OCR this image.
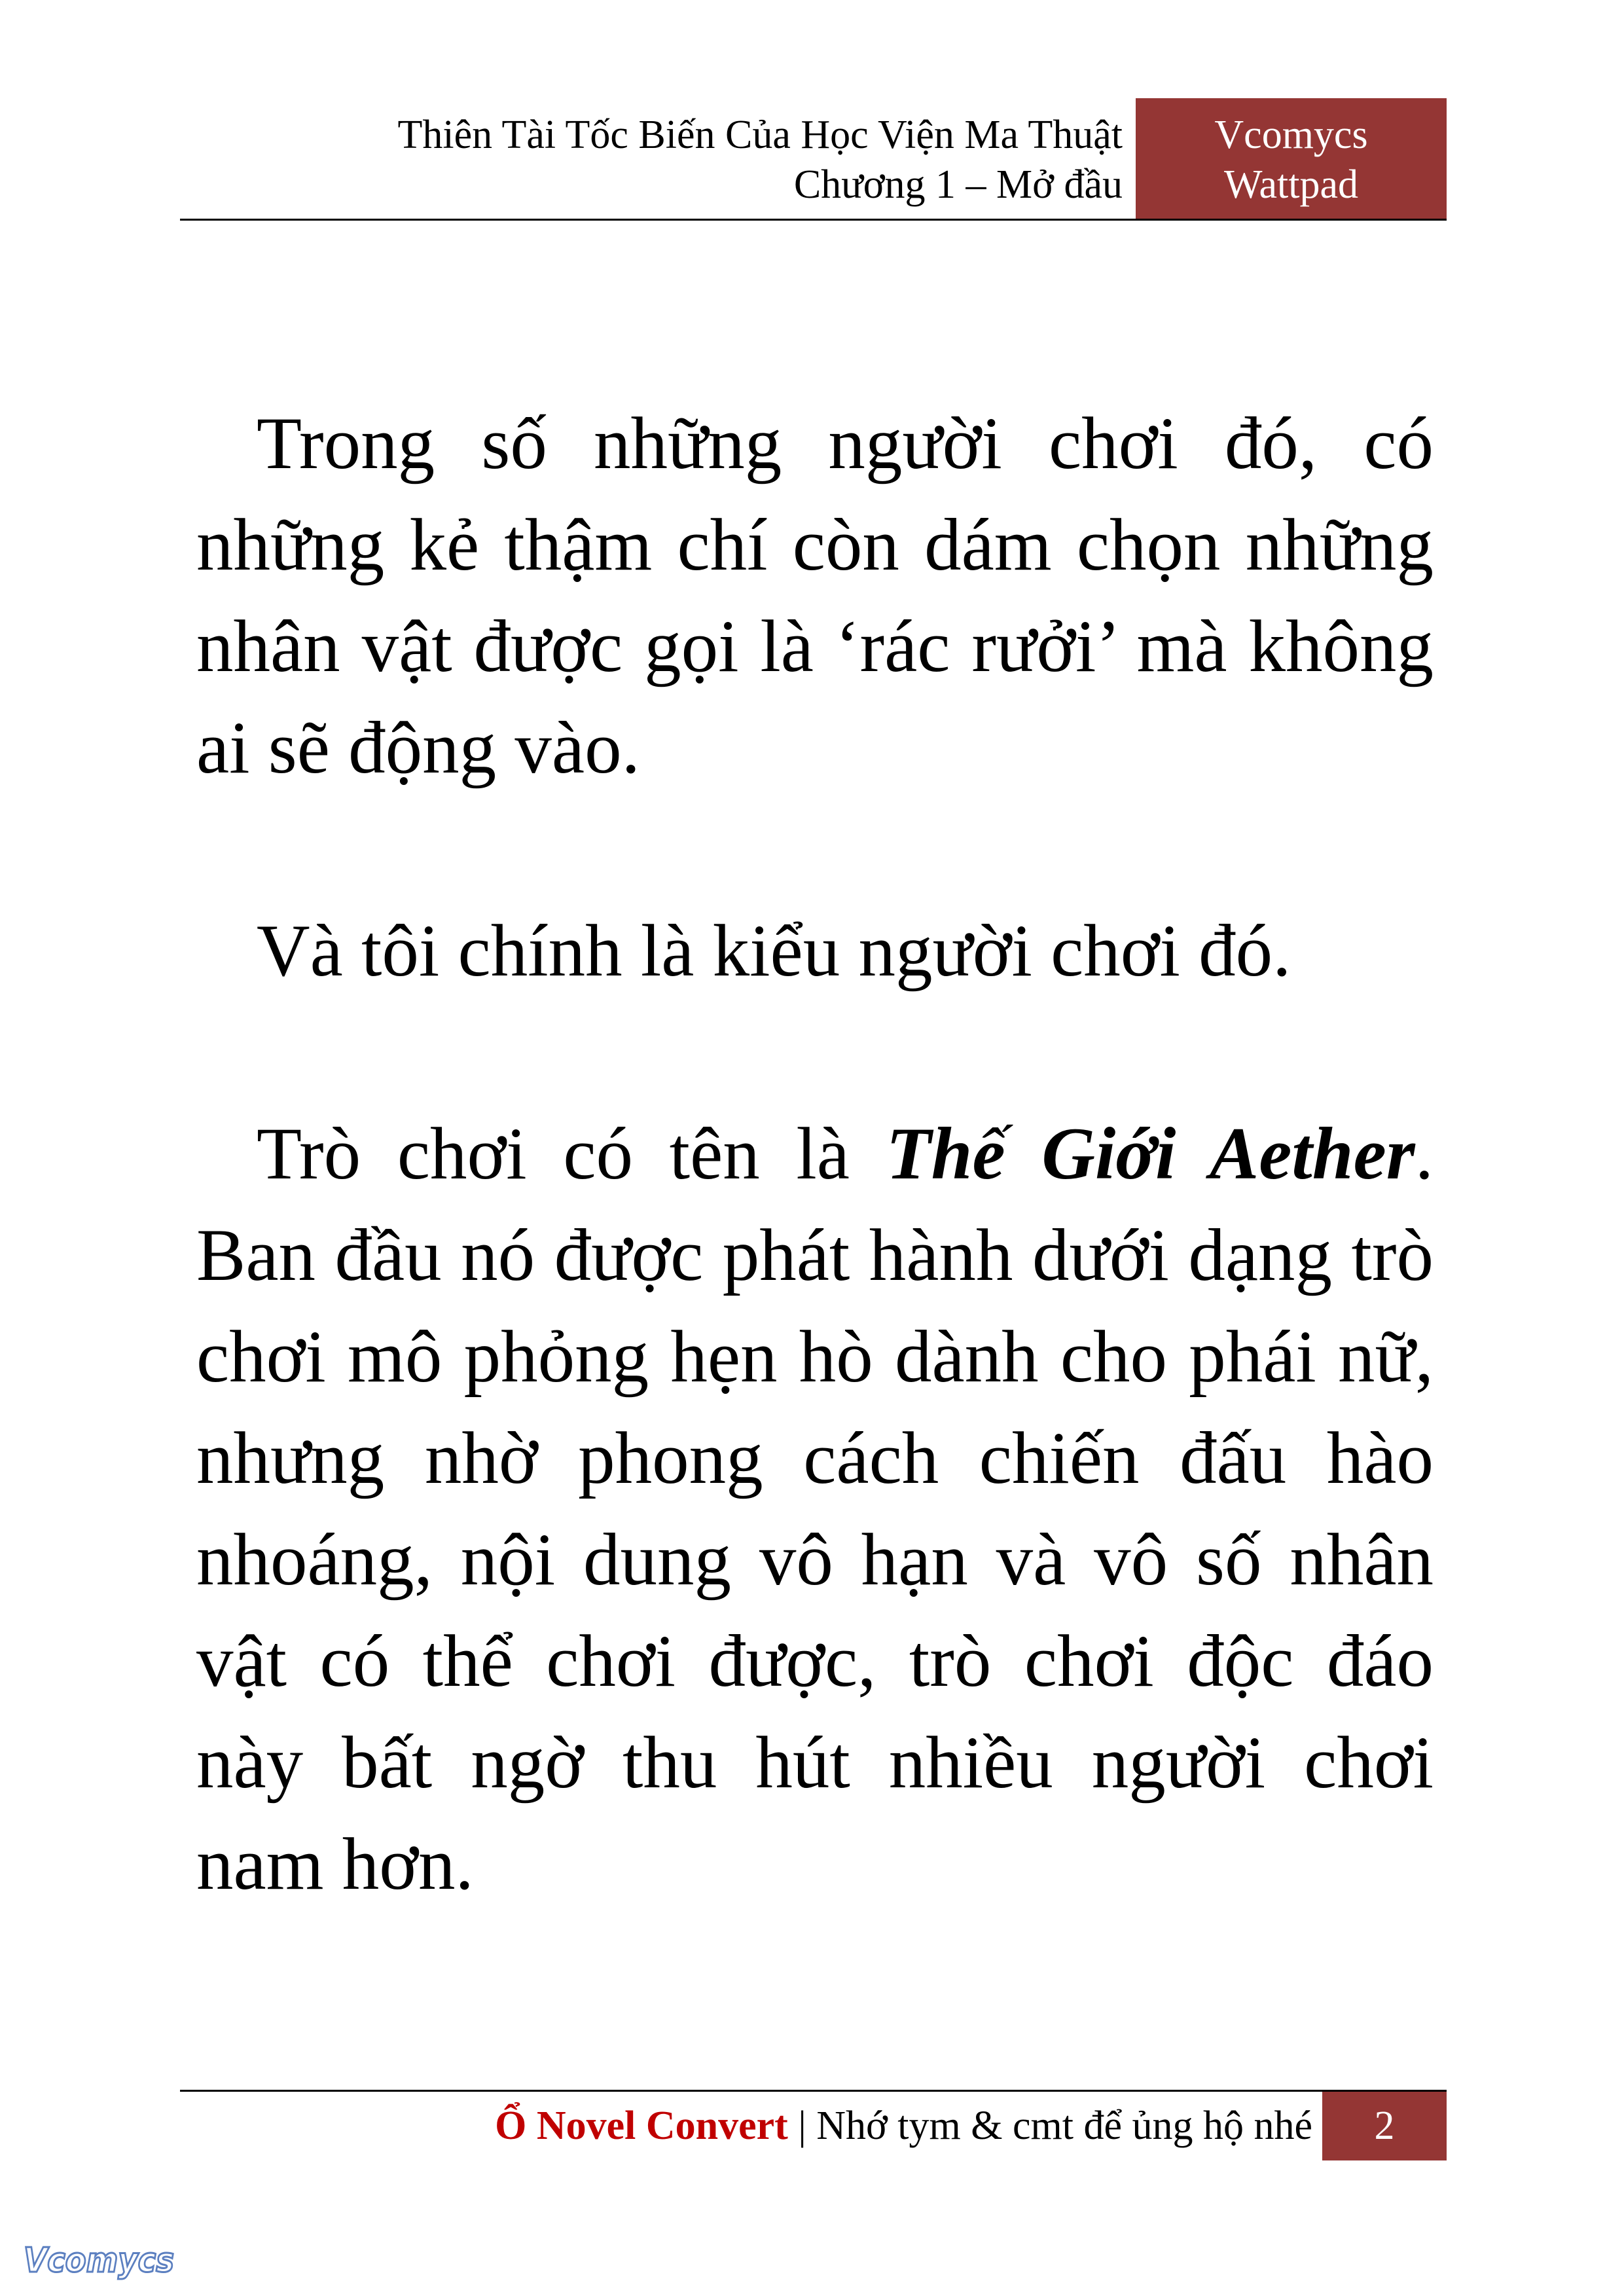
Thiên Tài Tốc Biến Của Học Viện Ma Thuật
Chương 1 – Mở đầu
Vcomycs
Wattpad

Trong số những người chơi đó, có những kẻ thậm chí còn dám chọn những nhân vật được gọi là ‘rác rưởi’ mà không ai sẽ động vào.

Và tôi chính là kiểu người chơi đó.

Trò chơi có tên là Thế Giới Aether. Ban đầu nó được phát hành dưới dạng trò chơi mô phỏng hẹn hò dành cho phái nữ, nhưng nhờ phong cách chiến đấu hào nhoáng, nội dung vô hạn và vô số nhân vật có thể chơi được, trò chơi độc đáo này bất ngờ thu hút nhiều người chơi nam hơn.

Ổ Novel Convert | Nhớ tym & cmt để ủng hộ nhé	2
Vcomycs
